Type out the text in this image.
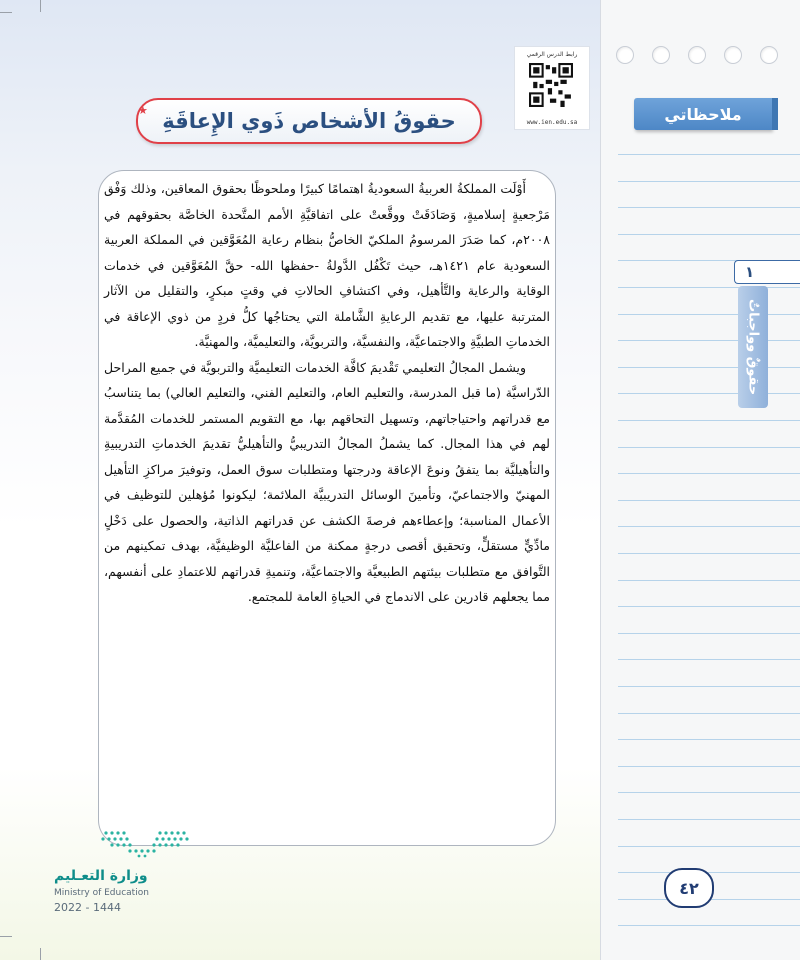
ملاحظاتي
١
حقوقٌ وواجباتٌ
٤٢
رابط الدرس الرقمي
www.ien.edu.sa
حقوقُ الأشخاص ذَوي الإِعاقَةِ
★

أَوْلَت المملكةُ العربيةُ السعوديةُ اهتمامًا كبيرًا وملحوظًا بحقوق المعاقين، وذلك وَفْق مَرْجعيةٍ إسلاميةٍ، وَصَادَقَتْ ووقَّعتْ على اتفاقيَّةِ الأمم المتَّحدة الخاصَّة بحقوقهم في ٢٠٠٨م، كما صَدَرَ المرسومُ الملكيّ الخاصُّ بنظام رعاية المُعَوَّقين في المملكة العربية السعودية عام ١٤٢١هـ، حيث تَكْفُل الدَّولةُ -حفظها الله- حقَّ المُعَوَّقين في خدمات الوقاية والرعاية والتَّأهيل، وفي اكتشافِ الحالاتِ في وقتٍ مبكرٍ، والتقليل من الآثار المترتبة عليها، مع تقديم الرعايةِ الشَّاملة التي يحتاجُها كلُّ فردٍ من ذوي الإعاقة في الخدماتِ الطبيَّةِ والاجتماعيَّة، والنفسيَّة، والتربويَّة، والتعليميَّة، والمهنيَّة.

ويشمل المجالُ التعليمي تَقْديمَ كافَّة الخدمات التعليميَّة والتربويَّة في جميع المراحل الدّراسيَّة (ما قبل المدرسة، والتعليم العام، والتعليم الفني، والتعليم العالي) بما يتناسبُ مع قدراتهم واحتياجاتهم، وتسهيل التحاقهم بها، مع التقويم المستمر للخدمات المُقدَّمة لهم في هذا المجال. كما يشملُ المجالُ التدريبيُّ والتأهيليُّ تقديمَ الخدماتِ التدريبيةِ والتأهيليَّة بما يتفقُ ونوعَ الإعاقة ودرجتها ومتطلبات سوق العمل، وتوفيرَ مراكزِ التأهيل المهنيّ والاجتماعيّ، وتأمينَ الوسائل التدريبيَّة الملائمة؛ ليكونوا مُؤهلين للتوظيف في الأعمال المناسبة؛ وإعطاءهم فرصةَ الكشف عن قدراتهم الذاتية، والحصول على دَخْلٍ مادِّيٍّ مستقلٍّ، وتحقيق أقصى درجةٍ ممكنة من الفاعليَّة الوظيفيَّة، بهدف تمكينهم من التَّوافق مع متطلبات بيئتهم الطبيعيَّة والاجتماعيَّة، وتنميةِ قدراتهم للاعتمادِ على أنفسهم، مما يجعلهم قادرين على الاندماج في الحياةِ العامة للمجتمع.

وزارة التعـليم
Ministry of Education
2022 - 1444
